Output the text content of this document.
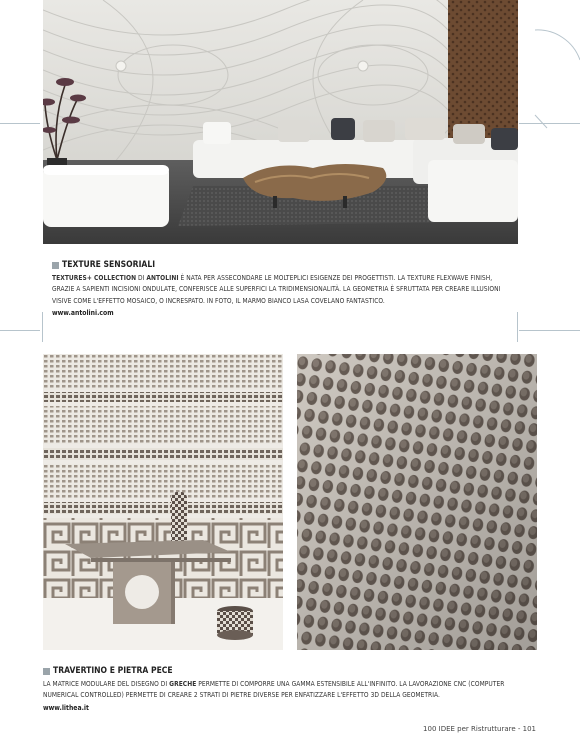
TEXTURE SENSORIALI

TEXTURES+ COLLECTION DI ANTOLINI È NATA PER ASSECONDARE LE MOLTEPLICI ESIGENZE DEI PROGETTISTI. LA TEXTURE FLEXWAVE FINISH, GRAZIE A SAPIENTI INCISIONI ONDULATE, CONFERISCE ALLE SUPERFICI LA TRIDIMENSIONALITÀ. LA GEOMETRIA È SFRUTTATA PER CREARE ILLUSIONI VISIVE COME L'EFFETTO MOSAICO, O INCRESPATO. IN FOTO, IL MARMO BIANCO LASA COVELANO FANTASTICO.

www.antolini.com

TRAVERTINO E PIETRA PECE

LA MATRICE MODULARE DEL DISEGNO DI GRECHE PERMETTE DI COMPORRE UNA GAMMA ESTENSIBILE ALL'INFINITO. LA LAVORAZIONE CNC (COMPUTER NUMERICAL CONTROLLED) PERMETTE DI CREARE 2 STRATI DI PIETRE DIVERSE PER ENFATIZZARE L'EFFETTO 3D DELLA GEOMETRIA.

www.lithea.it

100 IDEE per Ristrutturare - 101
